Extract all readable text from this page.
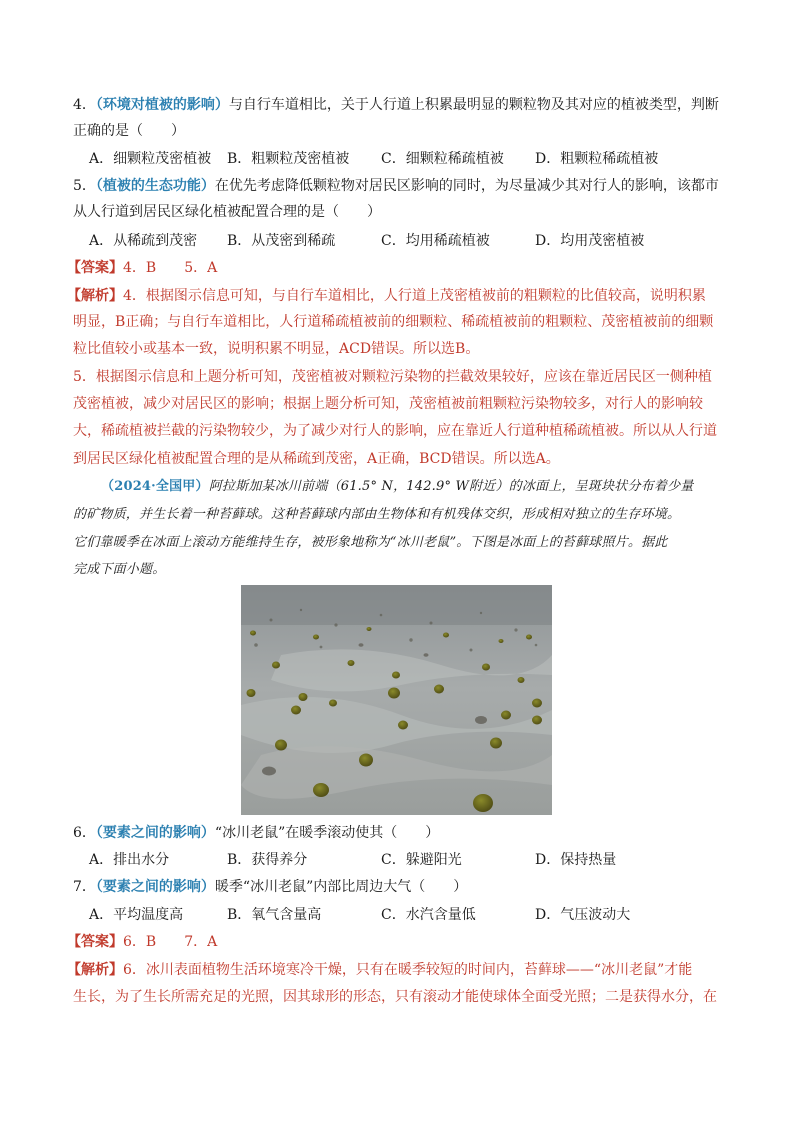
4．（环境对植被的影响）与自行车道相比，关于人行道上积累最明显的颗粒物及其对应的植被类型，判断
正确的是（　　）
A．细颗粒茂密植被 B．粗颗粒茂密植被 C．细颗粒稀疏植被 D．粗颗粒稀疏植被
5．（植被的生态功能）在优先考虑降低颗粒物对居民区影响的同时，为尽量减少其对行人的影响，该都市
从人行道到居民区绿化植被配置合理的是（　　）
A．从稀疏到茂密 B．从茂密到稀疏	C．均用稀疏植被	D．均用茂密植被
【答案】4．B　　5．A
【解析】4．根据图示信息可知，与自行车道相比，人行道上茂密植被前的粗颗粒的比值较高，说明积累
明显，B正确；与自行车道相比，人行道稀疏植被前的细颗粒、稀疏植被前的粗颗粒、茂密植被前的细颗
粒比值较小或基本一致，说明积累不明显，ACD错误。所以选B。
5．根据图示信息和上题分析可知，茂密植被对颗粒污染物的拦截效果较好，应该在靠近居民区一侧种植
茂密植被，减少对居民区的影响；根据上题分析可知，茂密植被前粗颗粒污染物较多，对行人的影响较
大，稀疏植被拦截的污染物较少，为了减少对行人的影响，应在靠近人行道种植稀疏植被。所以从人行道
到居民区绿化植被配置合理的是从稀疏到茂密，A正确，BCD错误。所以选A。
（2024·全国甲）阿拉斯加某冰川前端（61.5° N，142.9° W附近）的冰面上，呈斑块状分布着少量
的矿物质，并生长着一种苔藓球。这种苔藓球内部由生物体和有机残体交织，形成相对独立的生存环境。
它们靠暖季在冰面上滚动方能维持生存，被形象地称为“冰川老鼠”。下图是冰面上的苔藓球照片。据此
完成下面小题。
6．（要素之间的影响）“冰川老鼠”在暖季滚动使其（　　）
A．排出水分	B．获得养分	C．躲避阳光	D．保持热量
7．（要素之间的影响）暖季“冰川老鼠”内部比周边大气（　　）
A．平均温度高	B．氧气含量高	C．水汽含量低	D．气压波动大
【答案】6．B　　7．A
【解析】6．冰川表面植物生活环境寒冷干燥，只有在暖季较短的时间内，苔藓球——“冰川老鼠”才能
生长，为了生长所需充足的光照，因其球形的形态，只有滚动才能使球体全面受光照；二是获得水分，在
